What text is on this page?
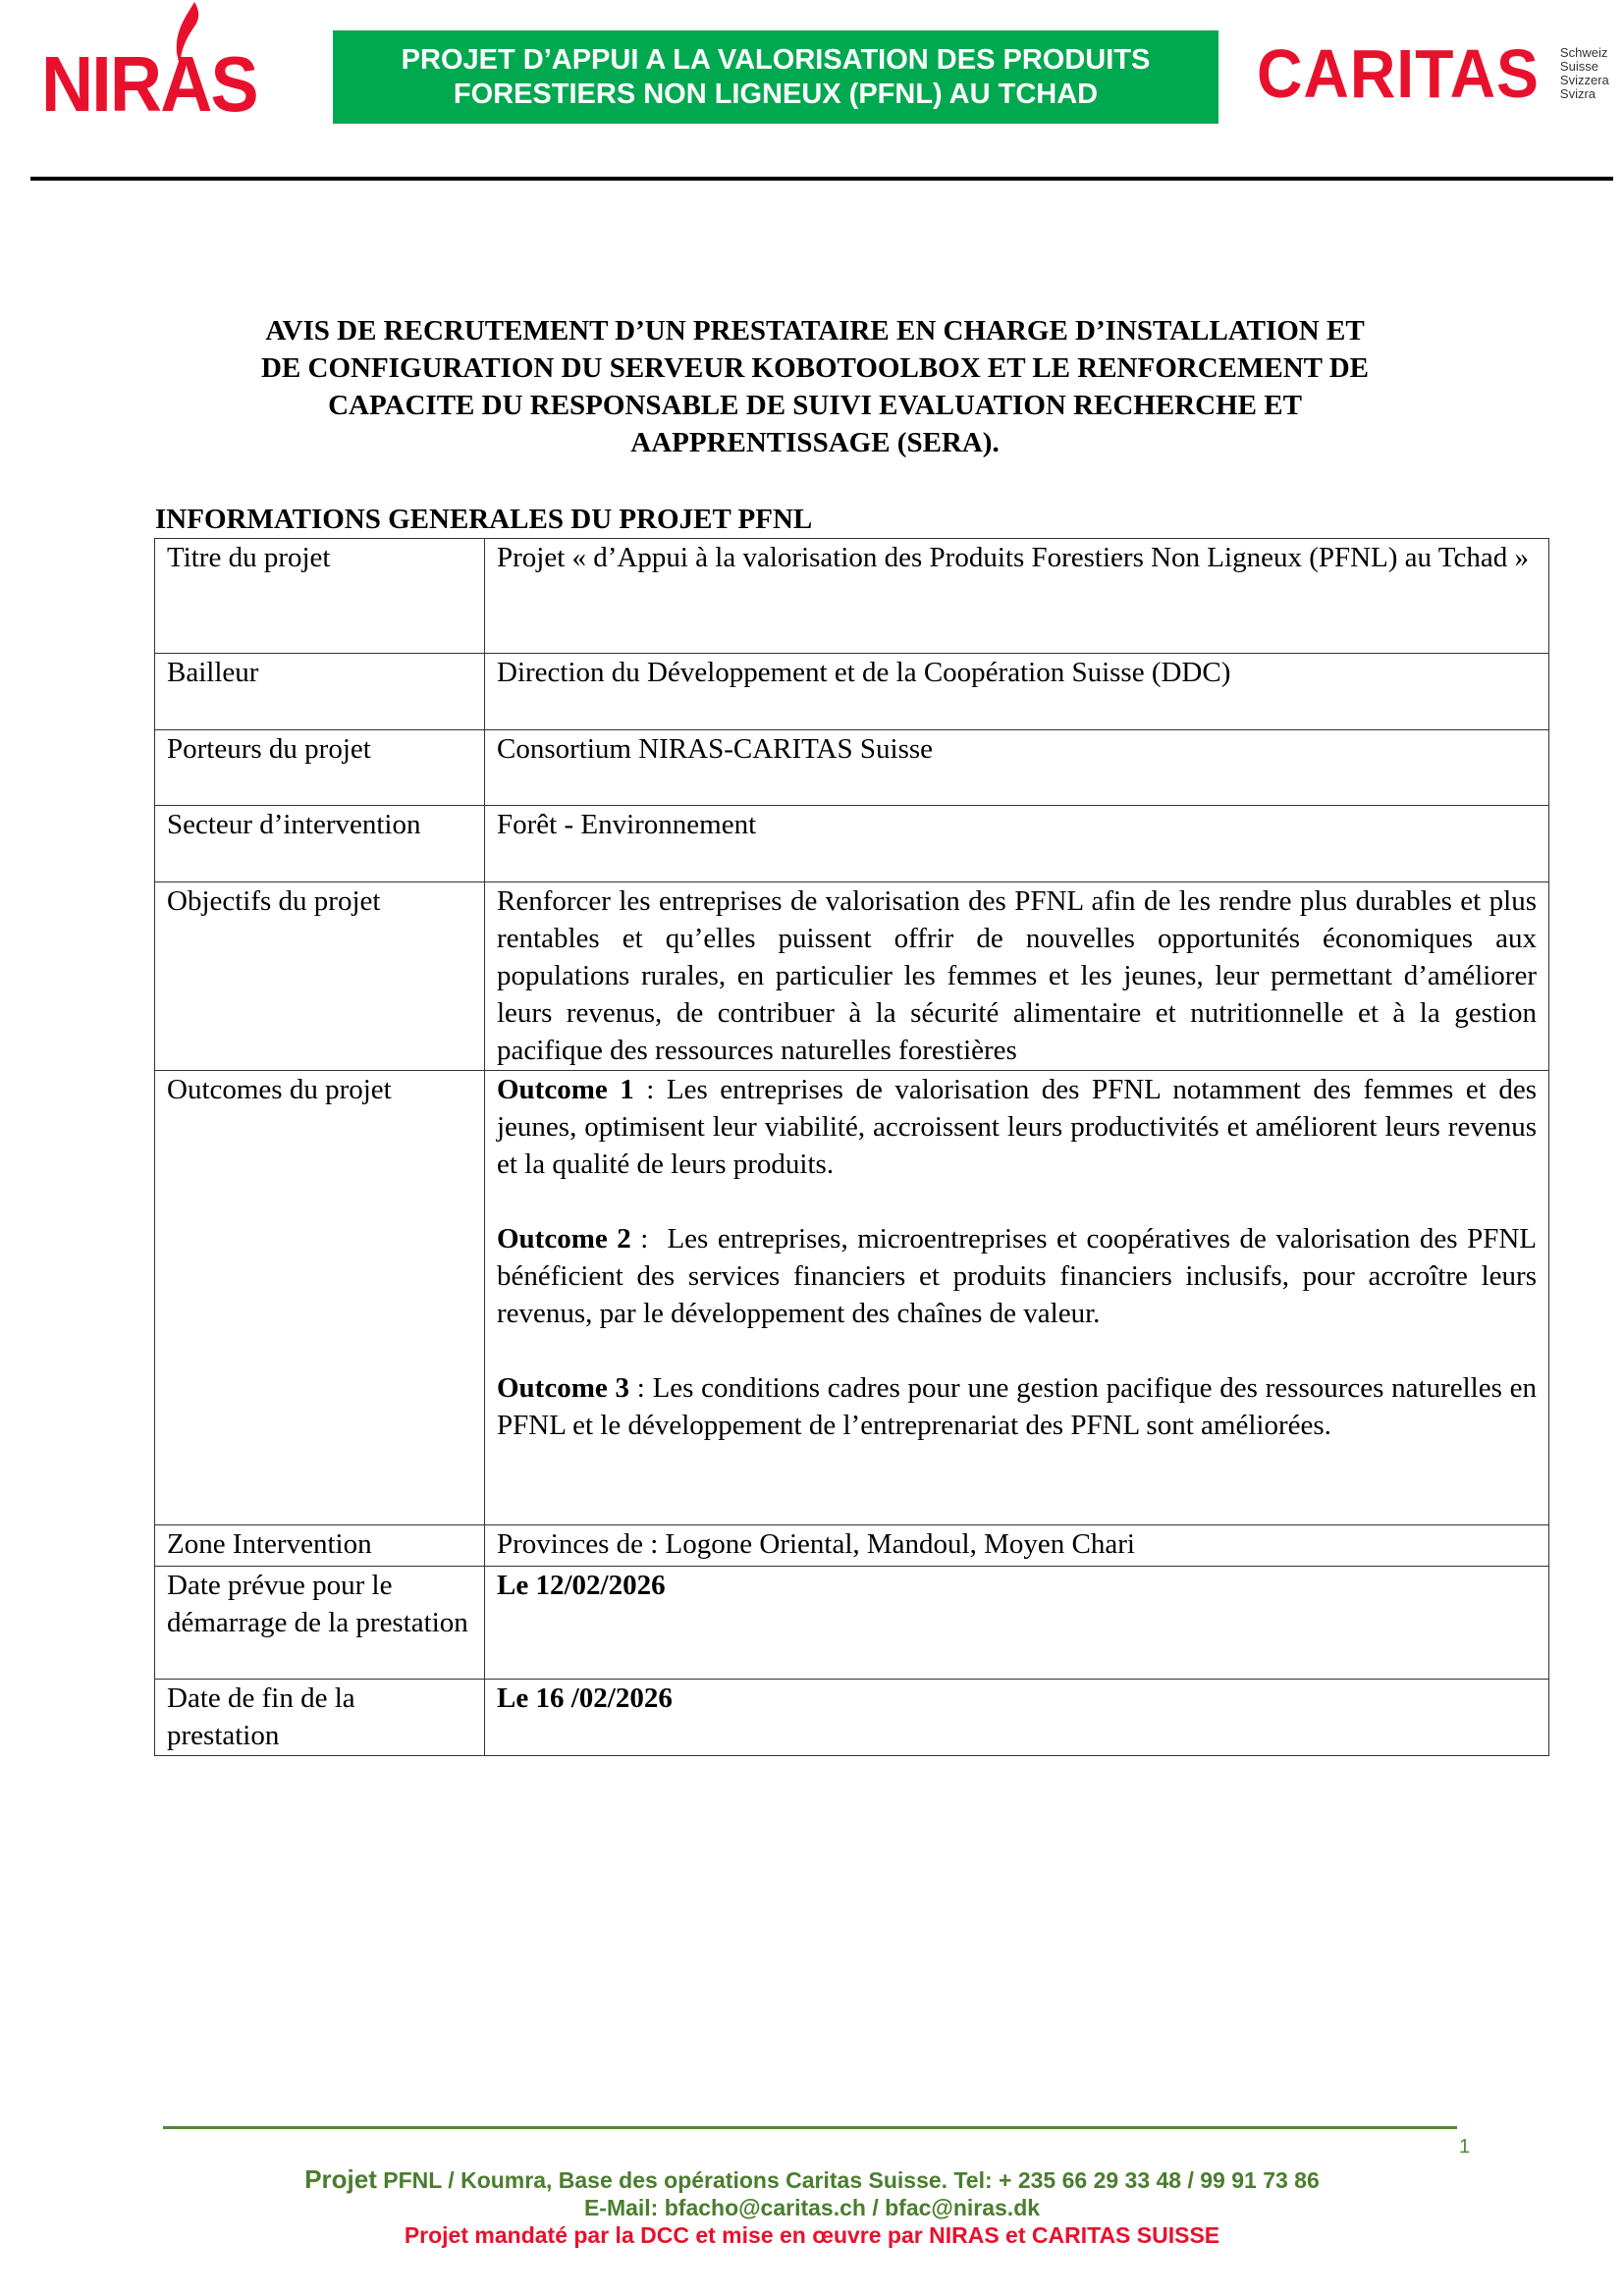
NIRAS	PROJET D’APPUI A LA VALORISATION DES PRODUITS
FORESTIERS NON LIGNEUX (PFNL) AU TCHAD	CARITAS Schweiz
Suisse
Svizzera
Svizra
AVIS DE RECRUTEMENT D’UN PRESTATAIRE EN CHARGE D’INSTALLATION ET
DE CONFIGURATION DU SERVEUR KOBOTOOLBOX ET LE RENFORCEMENT DE
CAPACITE DU RESPONSABLE DE SUIVI EVALUATION RECHERCHE ET
AAPPRENTISSAGE (SERA).
INFORMATIONS GENERALES DU PROJET PFNL
Titre du projet	Projet « d’Appui à la valorisation des Produits Forestiers Non Ligneux (PFNL) au Tchad »
Bailleur	Direction du Développement et de la Coopération Suisse (DDC)
Porteurs du projet	Consortium NIRAS-CARITAS Suisse
Secteur d’intervention	Forêt - Environnement
Objectifs du projet	Renforcer les entreprises de valorisation des PFNL afin de les rendre plus durables et plus rentables et qu’elles puissent offrir de nouvelles opportunités économiques aux populations rurales, en particulier les femmes et les jeunes, leur permettant d’améliorer leurs revenus, de contribuer à la sécurité alimentaire et nutritionnelle et à la gestion pacifique des ressources naturelles forestières
Outcomes du projet	Outcome 1 : Les entreprises de valorisation des PFNL notamment des femmes et des jeunes, optimisent leur viabilité, accroissent leurs productivités et améliorent leurs revenus et la qualité de leurs produits.

Outcome 2 :  Les entreprises, microentreprises et coopératives de valorisation des PFNL bénéficient des services financiers et produits financiers inclusifs, pour accroître leurs revenus, par le développement des chaînes de valeur.

Outcome 3 : Les conditions cadres pour une gestion pacifique des ressources naturelles en PFNL et le développement de l’entreprenariat des PFNL sont améliorées.

Zone Intervention	Provinces de : Logone Oriental, Mandoul, Moyen Chari
Date prévue pour le démarrage de la prestation	Le 12/02/2026
Date de fin de la prestation	Le 16 /02/2026
1
Projet PFNL / Koumra, Base des opérations Caritas Suisse. Tel: + 235 66 29 33 48 / 99 91 73 86
E-Mail: bfacho@caritas.ch / bfac@niras.dk
Projet mandaté par la DCC et mise en œuvre par NIRAS et CARITAS SUISSE
